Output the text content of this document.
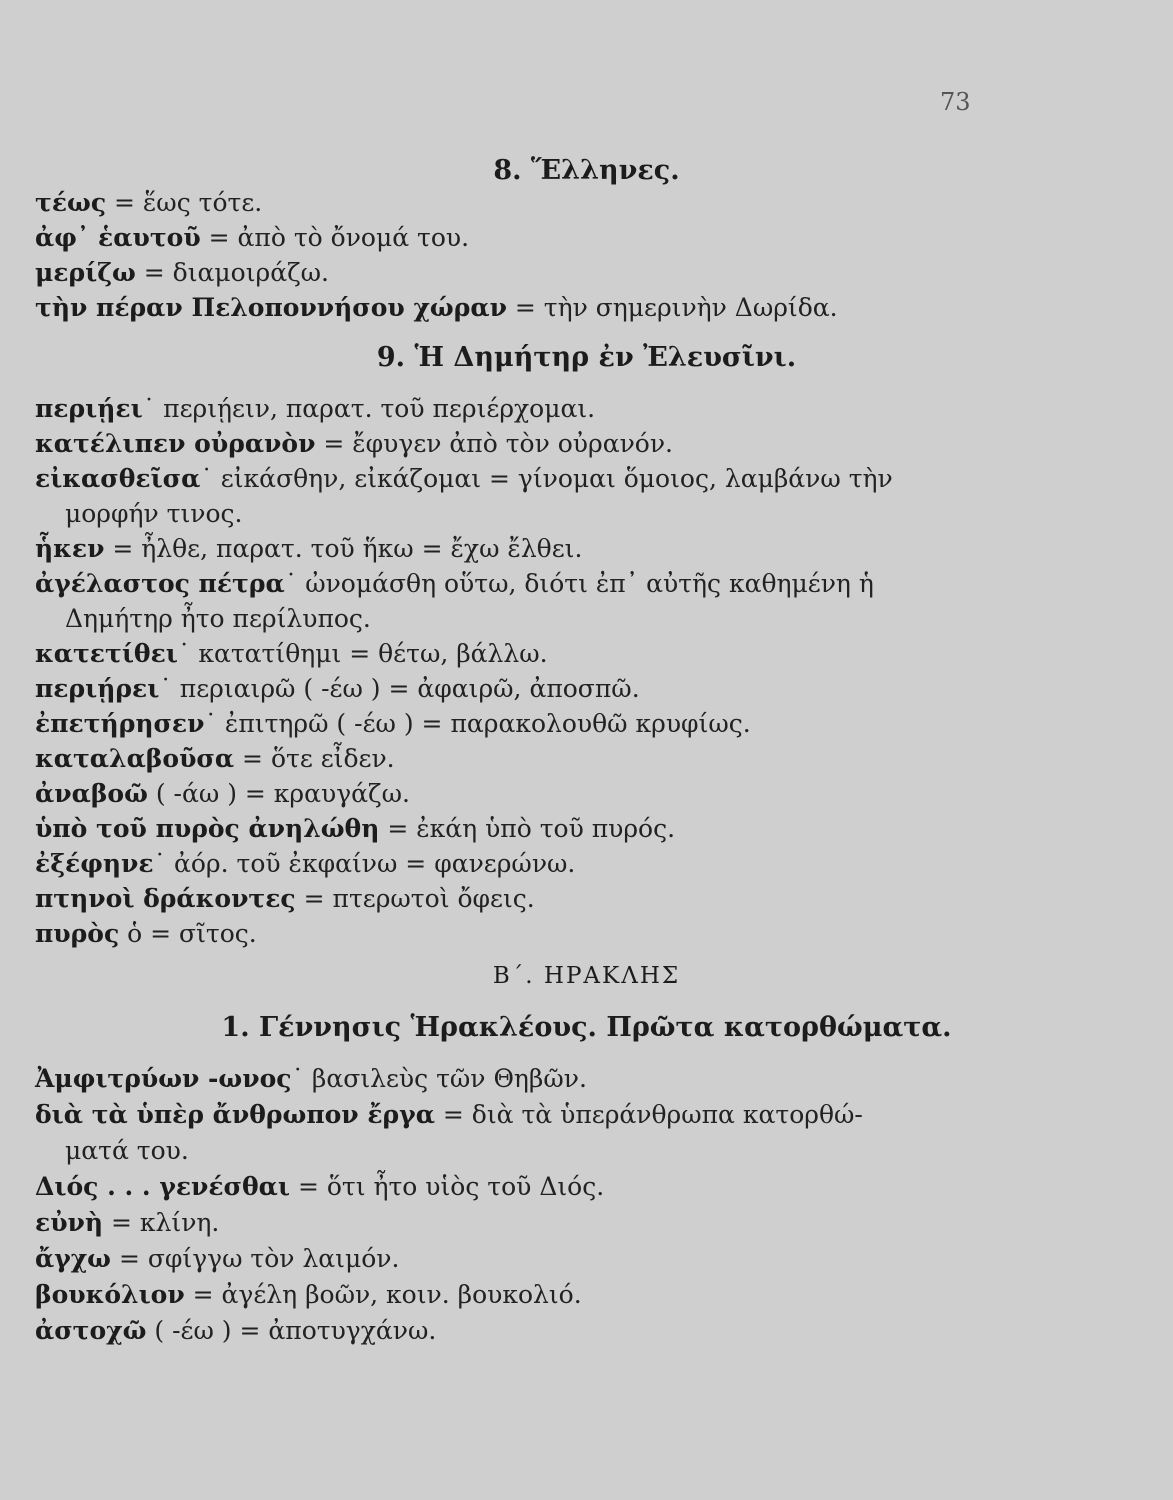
73
8. Ἕλληνες.
τέως = ἕως τότε.
ἀφ᾽ ἑαυτοῦ = ἀπὸ τὸ ὄνομά του.
μερίζω = διαμοιράζω.
τὴν πέραν Πελοποννήσου χώραν = τὴν σημερινὴν Δωρίδα.
9. Ἡ Δημήτηρ ἐν Ἐλευσῖνι.
περιῄει˙ περιῄειν, παρατ. τοῦ περιέρχομαι.
κατέλιπεν οὐρανὸν = ἔφυγεν ἀπὸ τὸν οὐρανόν.
εἰκασθεῖσα˙ εἰκάσθην, εἰκάζομαι = γίνομαι ὅμοιος, λαμβάνω τὴν
μορφήν τινος.
ἧκεν = ἦλθε, παρατ. τοῦ ἥκω = ἔχω ἔλθει.
ἀγέλαστος πέτρα˙ ὠνομάσθη οὕτω, διότι ἐπ᾽ αὐτῆς καθημένη ἡ
Δημήτηρ ἦτο περίλυπος.
κατετίθει˙ κατατίθημι = θέτω, βάλλω.
περιῄρει˙ περιαιρῶ ( -έω ) = ἀφαιρῶ, ἀποσπῶ.
ἐπετήρησεν˙ ἐπιτηρῶ ( -έω ) = παρακολουθῶ κρυφίως.
καταλαβοῦσα = ὅτε εἶδεν.
ἀναβοῶ ( -άω ) = κραυγάζω.
ὑπὸ τοῦ πυρὸς ἀνηλώθη = ἐκάη ὑπὸ τοῦ πυρός.
ἐξέφηνε˙ ἀόρ. τοῦ ἐκφαίνω = φανερώνω.
πτηνοὶ δράκοντες = πτερωτοὶ ὄφεις.
πυρὸς ὁ = σῖτος.
Β΄. ΗΡΑΚΛΗΣ
1. Γέννησις Ἡρακλέους. Πρῶτα κατορθώματα.
Ἀμφιτρύων -ωνος˙ βασιλεὺς τῶν Θηβῶν.
διὰ τὰ ὑπὲρ ἄνθρωπον ἔργα = διὰ τὰ ὑπεράνθρωπα κατορθώ-
ματά του.
Διός . . . γενέσθαι = ὅτι ἦτο υἱὸς τοῦ Διός.
εὐνὴ = κλίνη.
ἄγχω = σφίγγω τὸν λαιμόν.
βουκόλιον = ἀγέλη βοῶν, κοιν. βουκολιό.
ἀστοχῶ ( -έω ) = ἀποτυγχάνω.
